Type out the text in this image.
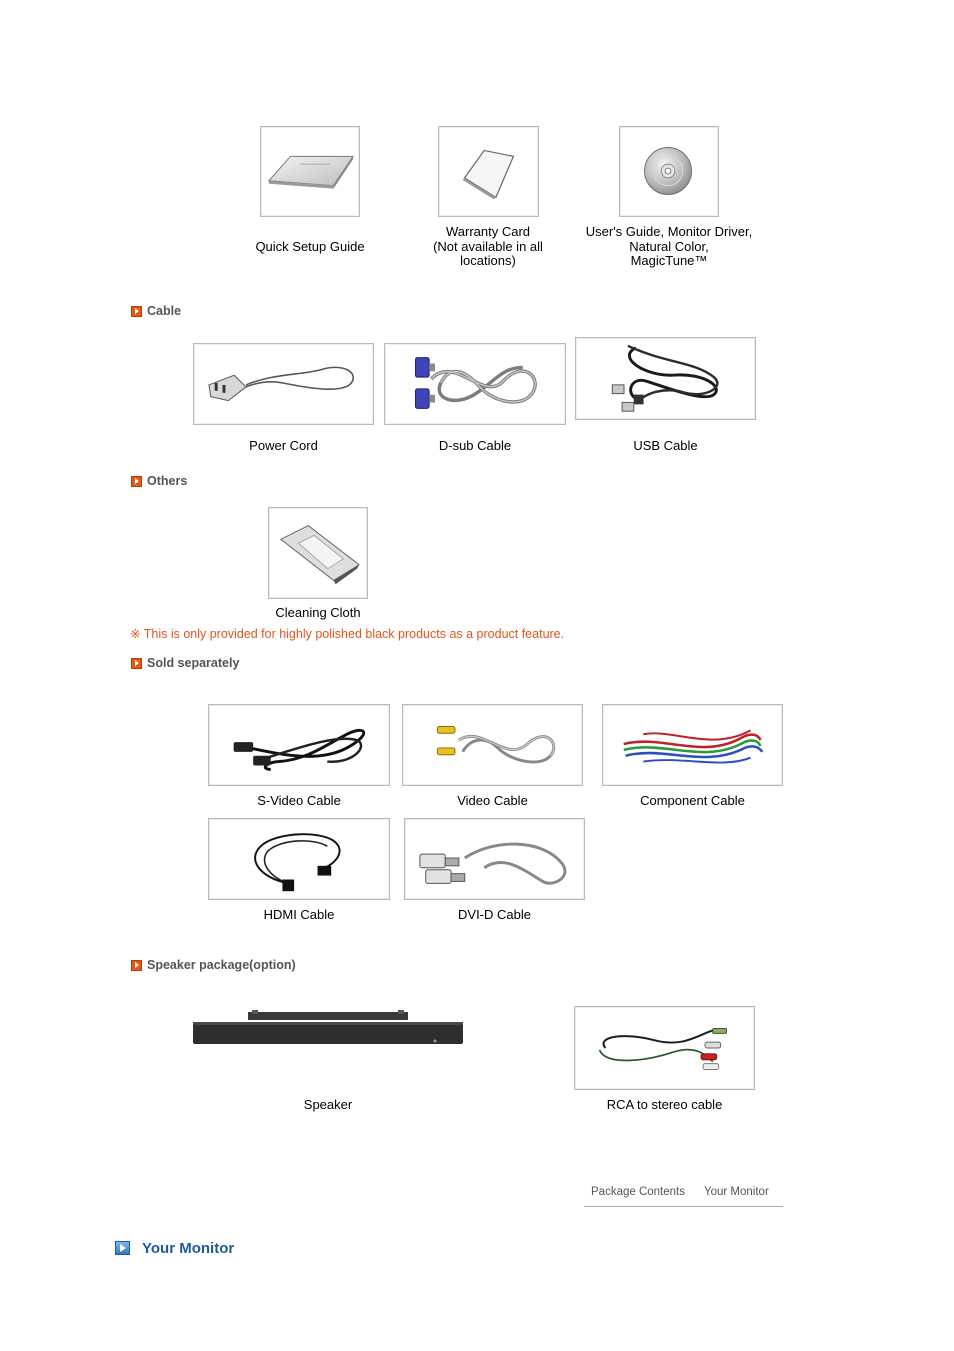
Quick Setup Guide
Warranty Card
(Not available in all
locations)
User's Guide, Monitor Driver,
Natural Color,
MagicTune™
Cable
Power Cord	D-sub Cable	USB Cable
Others
Cleaning Cloth
※ This is only provided for highly polished black products as a product feature.
Sold separately
S-Video Cable	Video Cable	Component Cable
HDMI Cable	DVI-D Cable
Speaker package(option)
Speaker	RCA to stereo cable
Package Contents Your Monitor
Your Monitor
